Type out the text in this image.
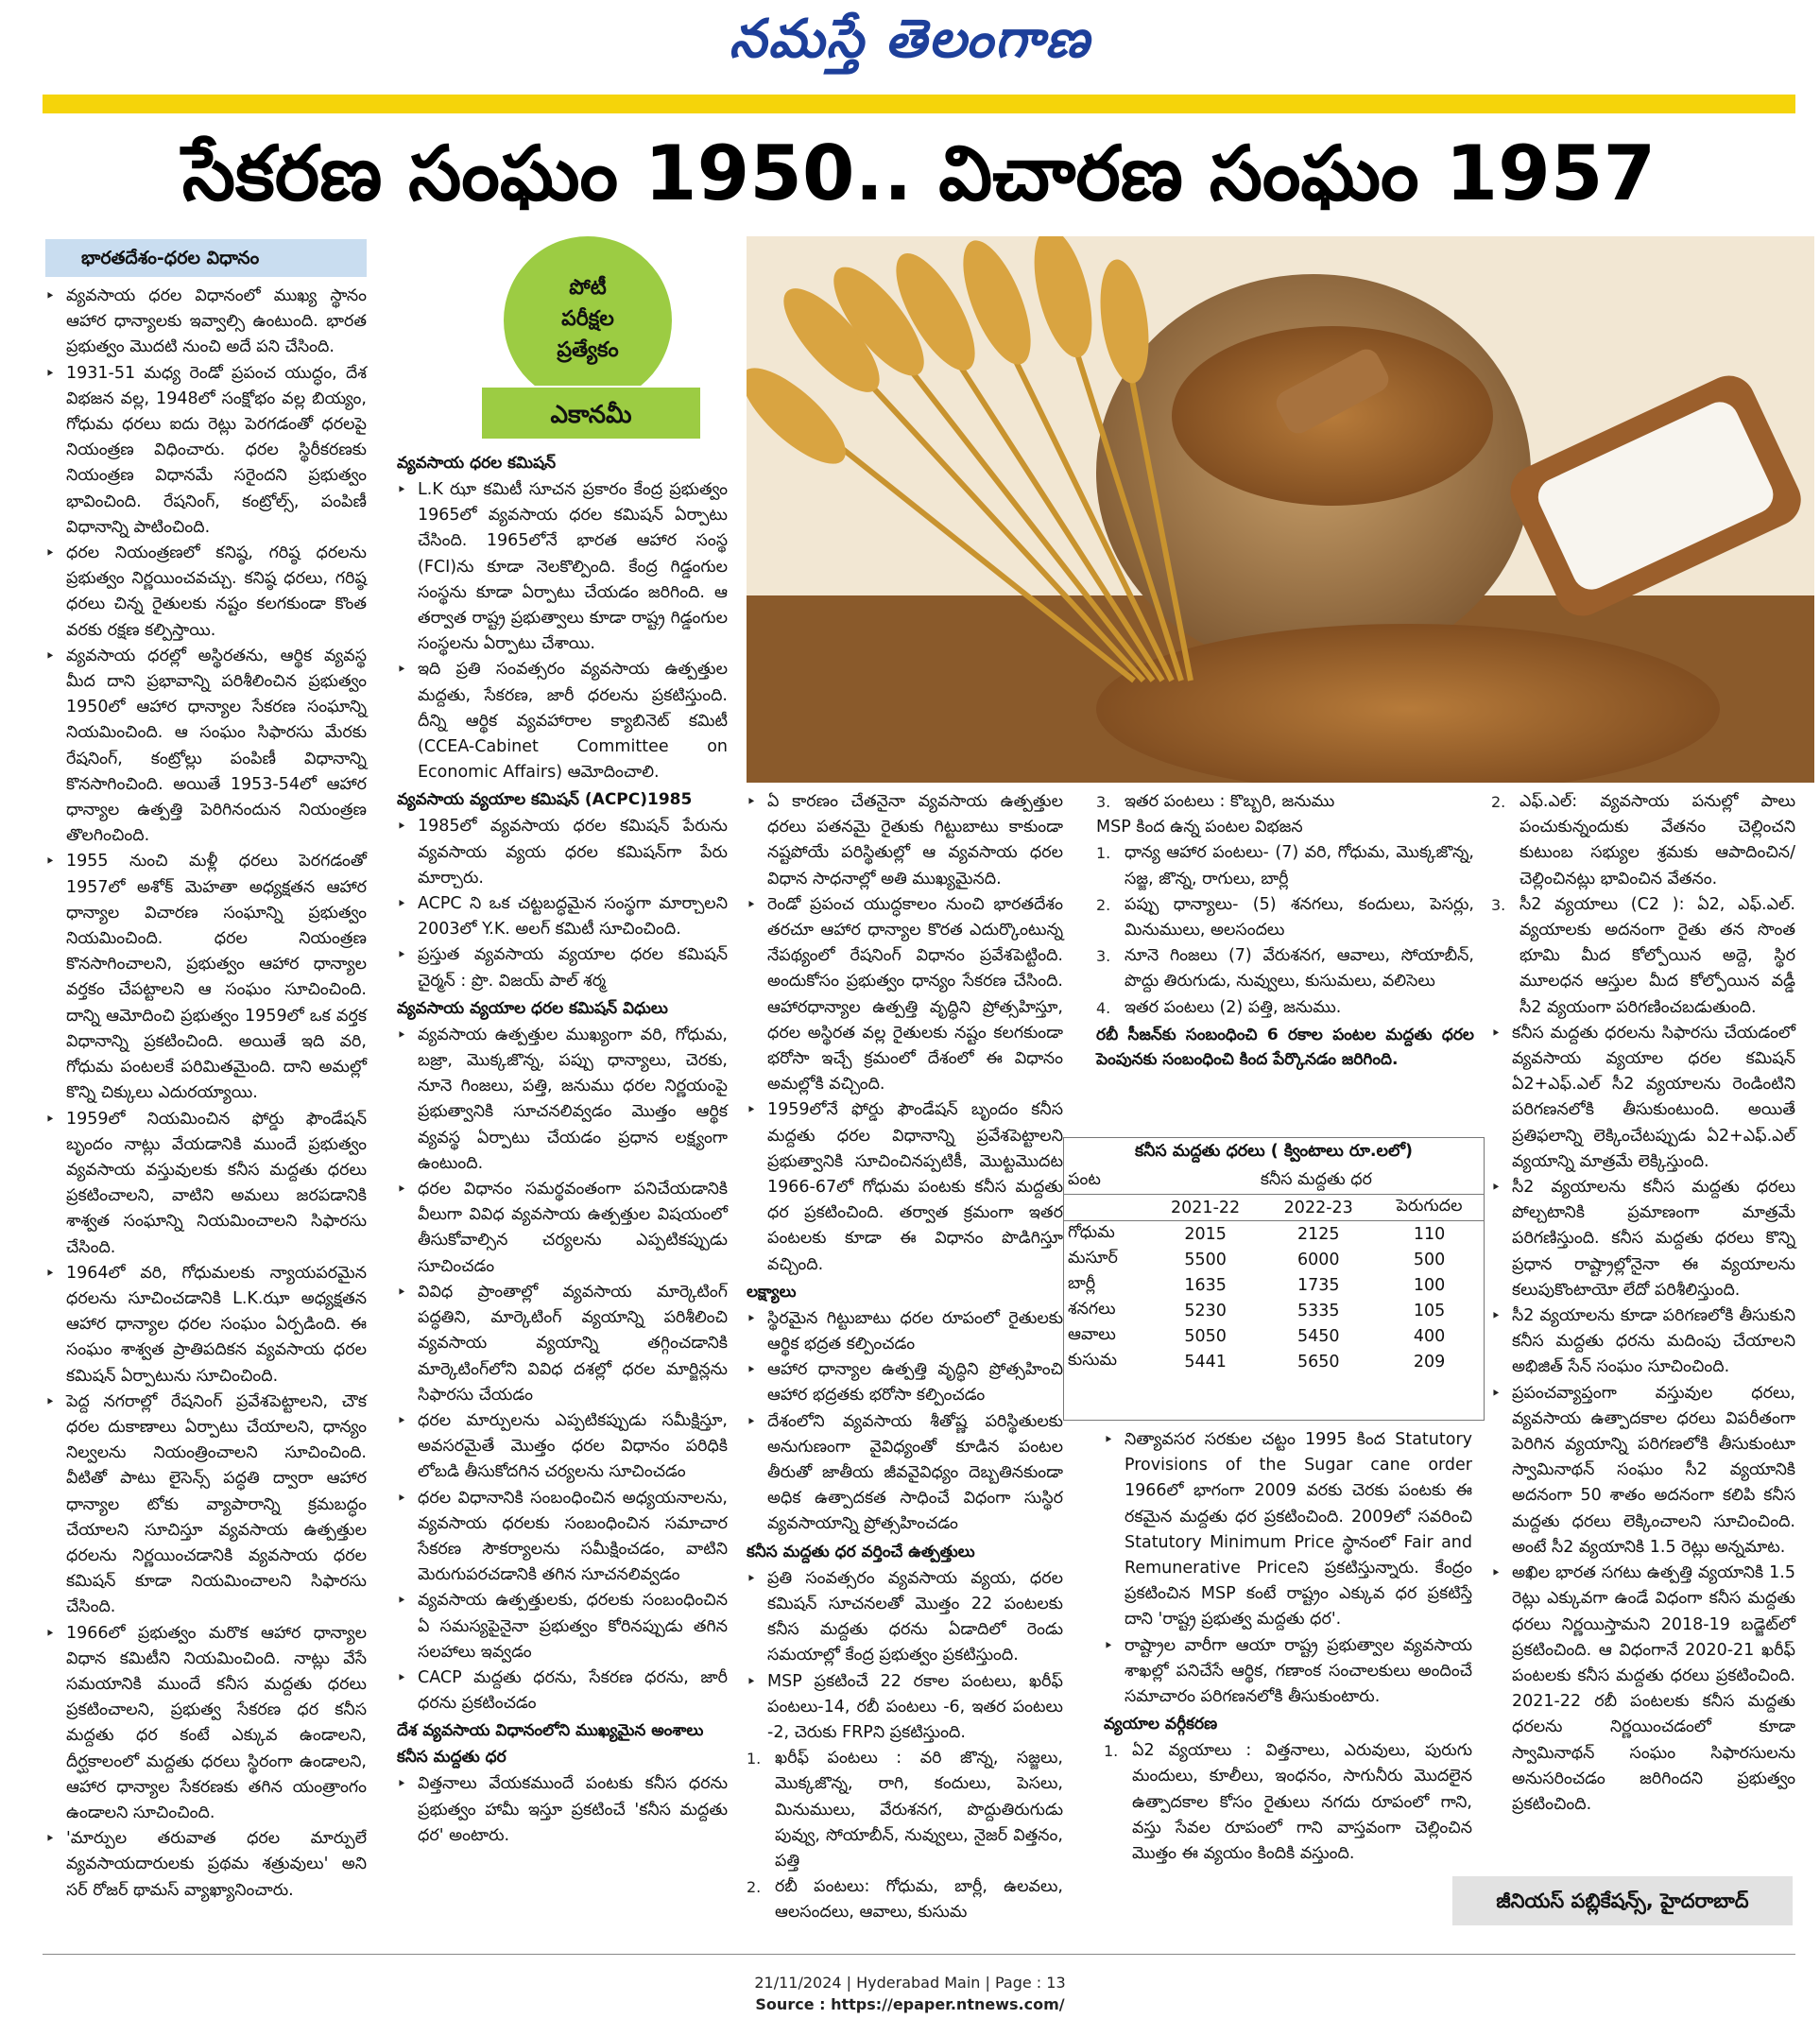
నమస్తే తెలంగాణ
సేకరణ సంఘం 1950.. విచారణ సంఘం 1957
భారతదేశం-ధరల విధానం
పోటీ
పరీక్షల
ప్రత్యేకం
ఎకానమీ

⯈ వ్యవసాయ ధరల విధానంలో ముఖ్య స్థానం ఆహార ధాన్యాలకు ఇవ్వాల్సి ఉంటుంది. భారత ప్రభుత్వం మొదటి నుంచి అదే పని చేసింది.

⯈ 1931-51 మధ్య రెండో ప్రపంచ యుద్ధం, దేశ విభజన వల్ల, 1948లో సంక్షోభం వల్ల బియ్యం, గోధుమ ధరలు ఐదు రెట్లు పెరగడంతో ధరలపై నియంత్రణ విధించారు. ధరల స్థిరీకరణకు నియంత్రణ విధానమే సరైందని ప్రభుత్వం భావించింది. రేషనింగ్, కంట్రోల్స్, పంపిణీ విధానాన్ని పాటించింది.

⯈ ధరల నియంత్రణలో కనిష్ఠ, గరిష్ఠ ధరలను ప్రభుత్వం నిర్ణయించవచ్చు. కనిష్ఠ ధరలు, గరిష్ఠ ధరలు చిన్న రైతులకు నష్టం కలగకుండా కొంత వరకు రక్షణ కల్పిస్తాయి.

⯈ వ్యవసాయ ధరల్లో అస్థిరతను, ఆర్థిక వ్యవస్థ మీద దాని ప్రభావాన్ని పరిశీలించిన ప్రభుత్వం 1950లో ఆహార ధాన్యాల సేకరణ సంఘాన్ని నియమించింది. ఆ సంఘం సిఫారసు మేరకు రేషనింగ్, కంట్రోల్లు పంపిణీ విధానాన్ని కొనసాగించింది. అయితే 1953-54లో ఆహార ధాన్యాల ఉత్పత్తి పెరిగినందున నియంత్రణ తొలగించింది.

⯈ 1955 నుంచి మళ్లీ ధరలు పెరగడంతో 1957లో అశోక్ మెహతా అధ్యక్షతన ఆహార ధాన్యాల విచారణ సంఘాన్ని ప్రభుత్వం నియమించింది. ధరల నియంత్రణ కొనసాగించాలని, ప్రభుత్వం ఆహార ధాన్యాల వర్తకం చేపట్టాలని ఆ సంఘం సూచించింది. దాన్ని ఆమోదించి ప్రభుత్వం 1959లో ఒక వర్తక విధానాన్ని ప్రకటించింది. అయితే ఇది వరి, గోధుమ పంటలకే పరిమితమైంది. దాని అమల్లో కొన్ని చిక్కులు ఎదురయ్యాయి.

⯈ 1959లో నియమించిన ఫోర్డు ఫౌండేషన్ బృందం నాట్లు వేయడానికి ముందే ప్రభుత్వం వ్యవసాయ వస్తువులకు కనీస మద్దతు ధరలు ప్రకటించాలని, వాటిని అమలు జరపడానికి శాశ్వత సంఘాన్ని నియమించాలని సిఫారసు చేసింది.

⯈ 1964లో వరి, గోధుమలకు న్యాయపరమైన ధరలను సూచించడానికి L.K.ఝా అధ్యక్షతన ఆహార ధాన్యాల ధరల సంఘం ఏర్పడింది. ఈ సంఘం శాశ్వత ప్రాతిపదికన వ్యవసాయ ధరల కమిషన్ ఏర్పాటును సూచించింది.

⯈ పెద్ద నగరాల్లో రేషనింగ్ ప్రవేశపెట్టాలని, చౌక ధరల దుకాణాలు ఏర్పాటు చేయాలని, ధాన్యం నిల్వలను నియంత్రించాలని సూచించింది. వీటితో పాటు లైసెన్స్ పద్ధతి ద్వారా ఆహార ధాన్యాల టోకు వ్యాపారాన్ని క్రమబద్ధం చేయాలని సూచిస్తూ వ్యవసాయ ఉత్పత్తుల ధరలను నిర్ణయించడానికి వ్యవసాయ ధరల కమిషన్ కూడా నియమించాలని సిఫారసు చేసింది.

⯈ 1966లో ప్రభుత్వం మరొక ఆహార ధాన్యాల విధాన కమిటీని నియమించింది. నాట్లు వేసే సమయానికి ముందే కనీస మద్దతు ధరలు ప్రకటించాలని, ప్రభుత్వ సేకరణ ధర కనీస మద్దతు ధర కంటే ఎక్కువ ఉండాలని, దీర్ఘకాలంలో మద్దతు ధరలు స్థిరంగా ఉండాలని, ఆహార ధాన్యాల సేకరణకు తగిన యంత్రాంగం ఉండాలని సూచించింది.

⯈ 'మార్పుల తరువాత ధరల మార్పులే వ్యవసాయదారులకు ప్రథమ శత్రువులు' అని సర్ రోజర్ థామస్ వ్యాఖ్యానించారు.

వ్యవసాయ ధరల కమిషన్

⯈ L.K ఝా కమిటీ సూచన ప్రకారం కేంద్ర ప్రభుత్వం 1965లో వ్యవసాయ ధరల కమిషన్ ఏర్పాటు చేసింది. 1965లోనే భారత ఆహార సంస్థ (FCI)ను కూడా నెలకొల్పింది. కేంద్ర గిడ్డంగుల సంస్థను కూడా ఏర్పాటు చేయడం జరిగింది. ఆ తర్వాత రాష్ట్ర ప్రభుత్వాలు కూడా రాష్ట్ర గిడ్డంగుల సంస్థలను ఏర్పాటు చేశాయి.

⯈ ఇది ప్రతి సంవత్సరం వ్యవసాయ ఉత్పత్తుల మద్దతు, సేకరణ, జారీ ధరలను ప్రకటిస్తుంది. దీన్ని ఆర్థిక వ్యవహారాల క్యాబినెట్ కమిటీ (CCEA-Cabinet Committee on Economic Affairs) ఆమోదించాలి.

వ్యవసాయ వ్యయాల కమిషన్ (ACPC)1985

⯈ 1985లో వ్యవసాయ ధరల కమిషన్ పేరును వ్యవసాయ వ్యయ ధరల కమిషన్‌గా పేరు మార్చారు.

⯈ ACPC ని ఒక చట్టబద్ధమైన సంస్థగా మార్చాలని 2003లో Y.K. అలగ్ కమిటీ సూచించింది.

⯈ ప్రస్తుత వ్యవసాయ వ్యయాల ధరల కమిషన్ చైర్మన్ : ప్రొ. విజయ్ పాల్ శర్మ

వ్యవసాయ వ్యయాల ధరల కమిషన్ విధులు

⯈ వ్యవసాయ ఉత్పత్తుల ముఖ్యంగా వరి, గోధుమ, బజ్రా, మొక్కజొన్న, పప్పు ధాన్యాలు, చెరకు, నూనె గింజలు, పత్తి, జనుము ధరల నిర్ణయంపై ప్రభుత్వానికి సూచనలివ్వడం మొత్తం ఆర్థిక వ్యవస్థ ఏర్పాటు చేయడం ప్రధాన లక్ష్యంగా ఉంటుంది.

⯈ ధరల విధానం సమర్థవంతంగా పనిచేయడానికి వీలుగా వివిధ వ్యవసాయ ఉత్పత్తుల విషయంలో తీసుకోవాల్సిన చర్యలను ఎప్పటికప్పుడు సూచించడం

⯈ వివిధ ప్రాంతాల్లో వ్యవసాయ మార్కెటింగ్ పద్ధతిని, మార్కెటింగ్ వ్యయాన్ని పరిశీలించి వ్యవసాయ వ్యయాన్ని తగ్గించడానికి మార్కెటింగ్‌లోని వివిధ దశల్లో ధరల మార్జిన్లను సిఫారసు చేయడం

⯈ ధరల మార్పులను ఎప్పటికప్పుడు సమీక్షిస్తూ, అవసరమైతే మొత్తం ధరల విధానం పరిధికి లోబడి తీసుకోదగిన చర్యలను సూచించడం

⯈ ధరల విధానానికి సంబంధించిన అధ్యయనాలను, వ్యవసాయ ధరలకు సంబంధించిన సమాచార సేకరణ సౌకర్యాలను సమీక్షించడం, వాటిని మెరుగుపరచడానికి తగిన సూచనలివ్వడం

⯈ వ్యవసాయ ఉత్పత్తులకు, ధరలకు సంబంధించిన ఏ సమస్యపైనైనా ప్రభుత్వం కోరినప్పుడు తగిన సలహాలు ఇవ్వడం

⯈ CACP మద్దతు ధరను, సేకరణ ధరను, జారీ ధరను ప్రకటించడం

దేశ వ్యవసాయ విధానంలోని ముఖ్యమైన అంశాలు
కనీస మద్దతు ధర

⯈ విత్తనాలు వేయకముందే పంటకు కనీస ధరను ప్రభుత్వం హామీ ఇస్తూ ప్రకటించే 'కనీస మద్దతు ధర' అంటారు.

⯈ ఏ కారణం చేతనైనా వ్యవసాయ ఉత్పత్తుల ధరలు పతనమై రైతుకు గిట్టుబాటు కాకుండా నష్టపోయే పరిస్థితుల్లో ఆ వ్యవసాయ ధరల విధాన సాధనాల్లో అతి ముఖ్యమైనది.

⯈ రెండో ప్రపంచ యుద్ధకాలం నుంచి భారతదేశం తరచూ ఆహార ధాన్యాల కొరత ఎదుర్కొంటున్న నేపథ్యంలో రేషనింగ్ విధానం ప్రవేశపెట్టింది. అందుకోసం ప్రభుత్వం ధాన్యం సేకరణ చేసింది. ఆహారధాన్యాల ఉత్పత్తి వృద్ధిని ప్రోత్సహిస్తూ, ధరల అస్థిరత వల్ల రైతులకు నష్టం కలగకుండా భరోసా ఇచ్చే క్రమంలో దేశంలో ఈ విధానం అమల్లోకి వచ్చింది.

⯈ 1959లోనే ఫోర్డు ఫౌండేషన్ బృందం కనీస మద్దతు ధరల విధానాన్ని ప్రవేశపెట్టాలని ప్రభుత్వానికి సూచించినప్పటికీ, మొట్టమొదట 1966-67లో గోధుమ పంటకు కనీస మద్దతు ధర ప్రకటించింది. తర్వాత క్రమంగా ఇతర పంటలకు కూడా ఈ విధానం పొడిగిస్తూ వచ్చింది.

లక్ష్యాలు

⯈ స్థిరమైన గిట్టుబాటు ధరల రూపంలో రైతులకు ఆర్థిక భద్రత కల్పించడం

⯈ ఆహార ధాన్యాల ఉత్పత్తి వృద్ధిని ప్రోత్సహించి ఆహార భద్రతకు భరోసా కల్పించడం

⯈ దేశంలోని వ్యవసాయ శీతోష్ణ పరిస్థితులకు అనుగుణంగా వైవిధ్యంతో కూడిన పంటల తీరుతో జాతీయ జీవవైవిధ్యం దెబ్బతినకుండా అధిక ఉత్పాదకత సాధించే విధంగా సుస్థిర వ్యవసాయాన్ని ప్రోత్సహించడం

కనీస మద్దతు ధర వర్తించే ఉత్పత్తులు

⯈ ప్రతి సంవత్సరం వ్యవసాయ వ్యయ, ధరల కమిషన్ సూచనలతో మొత్తం 22 పంటలకు కనీస మద్దతు ధరను ఏడాదిలో రెండు సమయాల్లో కేంద్ర ప్రభుత్వం ప్రకటిస్తుంది.

⯈ MSP ప్రకటించే 22 రకాల పంటలు, ఖరీఫ్ పంటలు-14, రబీ పంటలు -6, ఇతర పంటలు -2, చెరుకు FRPని ప్రకటిస్తుంది.

1. ఖరీఫ్ పంటలు : వరి జొన్న, సజ్జలు, మొక్కజొన్న, రాగి, కందులు, పెసలు, మినుములు, వేరుశనగ, పొద్దుతిరుగుడు పువ్వు, సోయాబీన్, నువ్వులు, నైజర్ విత్తనం, పత్తి

2. రబీ పంటలు: గోధుమ, బార్లీ, ఉలవలు, ఆలసందలు, ఆవాలు, కుసుమ

3. ఇతర పంటలు : కొబ్బరి, జనుము

MSP కింద ఉన్న పంటల విభజన

1. ధాన్య ఆహార పంటలు- (7) వరి, గోధుమ, మొక్కజొన్న, సజ్జ, జొన్న, రాగులు, బార్లీ

2. పప్పు ధాన్యాలు- (5) శనగలు, కందులు, పెసర్లు, మినుములు, అలసందలు

3. నూనె గింజలు (7) వేరుశనగ, ఆవాలు, సోయాబీన్, పొద్దు తిరుగుడు, నువ్వులు, కుసుమలు, వలిసెలు

4. ఇతర పంటలు (2) పత్తి, జనుము.

రబీ సీజన్‌కు సంబంధించి 6 రకాల పంటల మద్దతు ధరల పెంపునకు సంబంధించి కింద పేర్కొనడం జరిగింది.
కనీస మద్దతు ధరలు ( క్వింటాలు రూ.లలో)			
పంట	కనీస మద్దతు ధర		
	2021-22	2022-23	పెరుగుదల
గోధుమ	2015	2125	110
మసూర్	5500	6000	500
బార్లీ	1635	1735	100
శనగలు	5230	5335	105
ఆవాలు	5050	5450	400
కుసుమ	5441	5650	209

⯈ నిత్యావసర సరకుల చట్టం 1995 కింద Statutory Provisions of the Sugar cane order 1966లో భాగంగా 2009 వరకు చెరకు పంటకు ఈ రకమైన మద్దతు ధర ప్రకటించింది. 2009లో సవరించి Statutory Minimum Price స్థానంలో Fair and Remunerative Priceని ప్రకటిస్తున్నారు. కేంద్రం ప్రకటించిన MSP కంటే రాష్ట్రం ఎక్కువ ధర ప్రకటిస్తే దాని 'రాష్ట్ర ప్రభుత్వ మద్దతు ధర'.

⯈ రాష్ట్రాల వారీగా ఆయా రాష్ట్ర ప్రభుత్వాల వ్యవసాయ శాఖల్లో పనిచేసే ఆర్థిక, గణాంక సంచాలకులు అందించే సమాచారం పరిగణనలోకి తీసుకుంటారు.

వ్యయాల వర్గీకరణ

1. ఏ2 వ్యయాలు : విత్తనాలు, ఎరువులు, పురుగు మందులు, కూలీలు, ఇంధనం, సాగునీరు మొదలైన ఉత్పాదకాల కోసం రైతులు నగదు రూపంలో గాని, వస్తు సేవల రూపంలో గాని వాస్తవంగా చెల్లించిన మొత్తం ఈ వ్యయం కిందికి వస్తుంది.

2. ఎఫ్.ఎల్: వ్యవసాయ పనుల్లో పాలు పంచుకున్నందుకు వేతనం చెల్లించని కుటుంబ సభ్యుల శ్రమకు ఆపాదించిన/చెల్లించినట్లు భావించిన వేతనం.

3. సీ2 వ్యయాలు (C2 ): ఏ2, ఎఫ్.ఎల్. వ్యయాలకు అదనంగా రైతు తన సొంత భూమి మీద కోల్పోయిన అద్దె, స్థిర మూలధన ఆస్తుల మీద కోల్పోయిన వడ్డీ సీ2 వ్యయంగా పరిగణించబడుతుంది.

⯈ కనీస మద్దతు ధరలను సిఫారసు చేయడంలో వ్యవసాయ వ్యయాల ధరల కమిషన్ ఏ2+ఎఫ్.ఎల్ సీ2 వ్యయాలను రెండింటిని పరిగణనలోకి తీసుకుంటుంది. అయితే ప్రతిఫలాన్ని లెక్కించేటప్పుడు ఏ2+ఎఫ్.ఎల్ వ్యయాన్ని మాత్రమే లెక్కిస్తుంది.

⯈ సీ2 వ్యయాలను కనీస మద్దతు ధరలు పోల్చటానికి ప్రమాణంగా మాత్రమే పరిగణిస్తుంది. కనీస మద్దతు ధరలు కొన్ని ప్రధాన రాష్ట్రాల్లోనైనా ఈ వ్యయాలను కలుపుకొంటాయో లేదో పరిశీలిస్తుంది.

⯈ సీ2 వ్యయాలను కూడా పరిగణలోకి తీసుకుని కనీస మద్దతు ధరను మదింపు చేయాలని అభిజిత్ సేన్ సంఘం సూచించింది.

⯈ ప్రపంచవ్యాప్తంగా వస్తువుల ధరలు, వ్యవసాయ ఉత్పాదకాల ధరలు విపరీతంగా పెరిగిన వ్యయాన్ని పరిగణలోకి తీసుకుంటూ స్వామినాథన్ సంఘం సీ2 వ్యయానికి అదనంగా 50 శాతం అదనంగా కలిపి కనీస మద్దతు ధరలు లెక్కించాలని సూచించింది. అంటే సీ2 వ్యయానికి 1.5 రెట్లు అన్నమాట.

⯈ అఖిల భారత సగటు ఉత్పత్తి వ్యయానికి 1.5 రెట్లు ఎక్కువగా ఉండే విధంగా కనీస మద్దతు ధరలు నిర్ణయిస్తామని 2018-19 బడ్జెట్‌లో ప్రకటించింది. ఆ విధంగానే 2020-21 ఖరీఫ్ పంటలకు కనీస మద్దతు ధరలు ప్రకటించింది. 2021-22 రబీ పంటలకు కనీస మద్దతు ధరలను నిర్ణయించడంలో కూడా స్వామినాథన్ సంఘం సిఫారసులను అనుసరించడం జరిగిందని ప్రభుత్వం ప్రకటించింది.

జీనియస్ పబ్లికేషన్స్, హైదరాబాద్
21/11/2024 | Hyderabad Main | Page : 13
Source : https://epaper.ntnews.com/
